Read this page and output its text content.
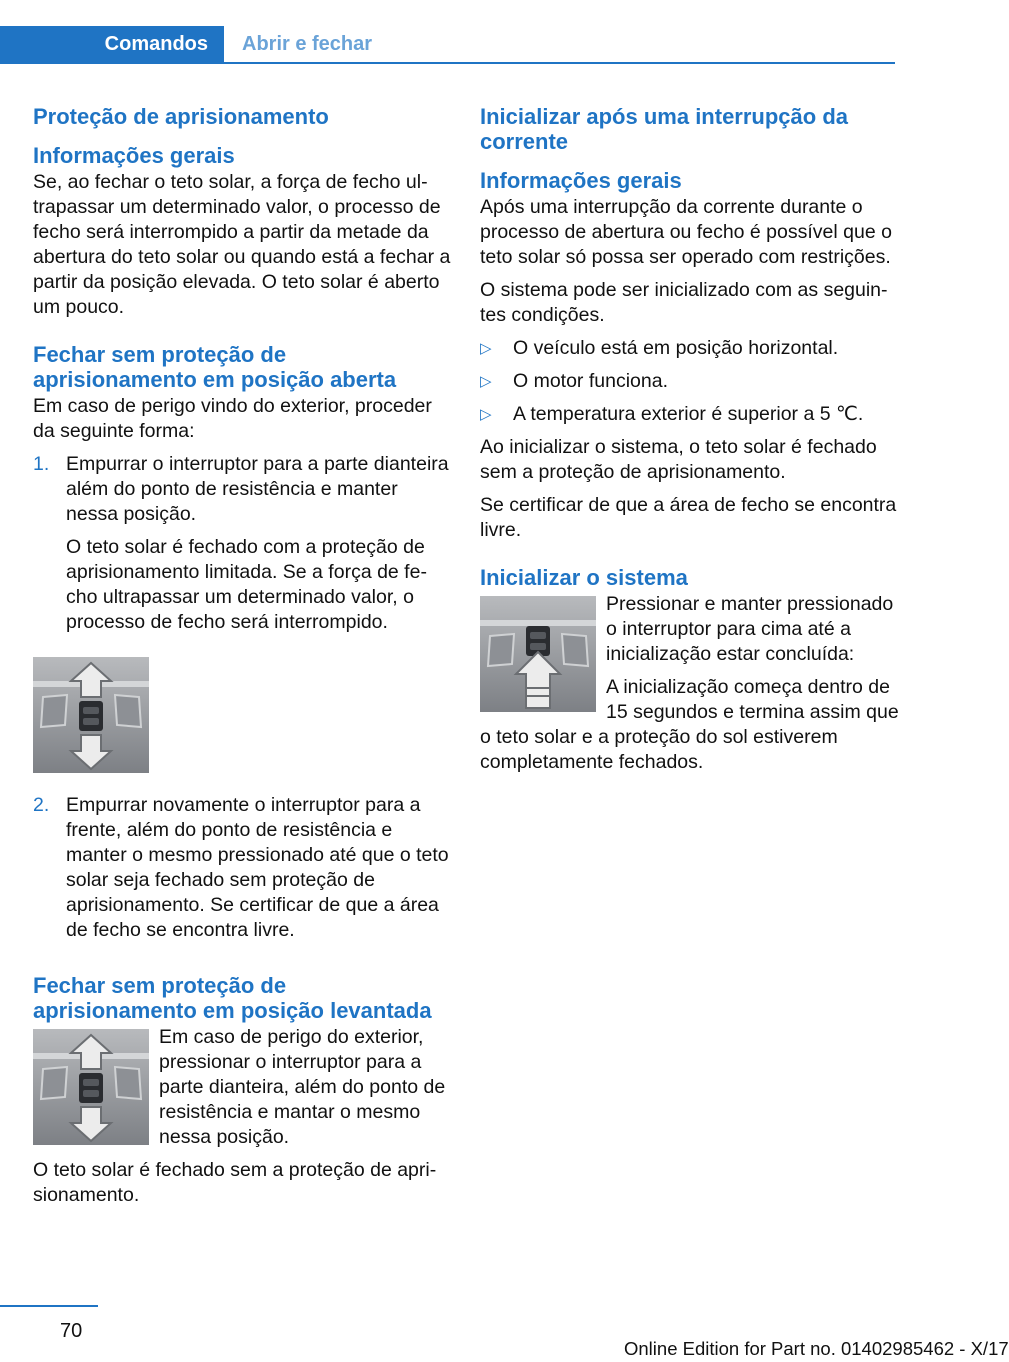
Comandos Abrir e fechar
Proteção de aprisionamento
Informações gerais

Se, ao fechar o teto solar, a força de fecho ultrapassar um determinado valor, o processo de fecho será interrompido a partir da metade da abertura do teto solar ou quando está a fechar a partir da posição elevada. O teto solar é aberto um pouco.

Fechar sem proteção de aprisionamento em posição aberta

Em caso de perigo vindo do exterior, proceder da seguinte forma:

1. Empurrar o interruptor para a parte dianteira além do ponto de resistência e manter nessa posição.

O teto solar é fechado com a proteção de aprisionamento limitada. Se a força de fecho ultrapassar um determinado valor, o processo de fecho será interrompido.

2. Empurrar novamente o interruptor para a frente, além do ponto de resistência e manter o mesmo pressionado até que o teto solar seja fechado sem proteção de aprisionamento. Se certificar de que a área de fecho se encontra livre.

Fechar sem proteção de aprisionamento em posição levantada

Em caso de perigo do exterior, pressionar o interruptor para a parte dianteira, além do ponto de resistência e mantar o mesmo nessa posição.

O teto solar é fechado sem a proteção de aprisionamento.

Inicializar após uma interrupção da corrente
Informações gerais

Após uma interrupção da corrente durante o processo de abertura ou fecho é possível que o teto solar só possa ser operado com restrições.

O sistema pode ser inicializado com as seguintes condições.

▷	O veículo está em posição horizontal.
▷	O motor funciona.
▷	A temperatura exterior é superior a 5 ℃.

Ao inicializar o sistema, o teto solar é fechado sem a proteção de aprisionamento.

Se certificar de que a área de fecho se encontra livre.

Inicializar o sistema

Pressionar e manter pressionado o interruptor para cima até a inicialização estar concluída:

A inicialização começa dentro de 15 segundos e termina assim que o teto solar e a proteção do sol estiverem completamente fechados.

70
Online Edition for Part no. 01402985462 - X/17
